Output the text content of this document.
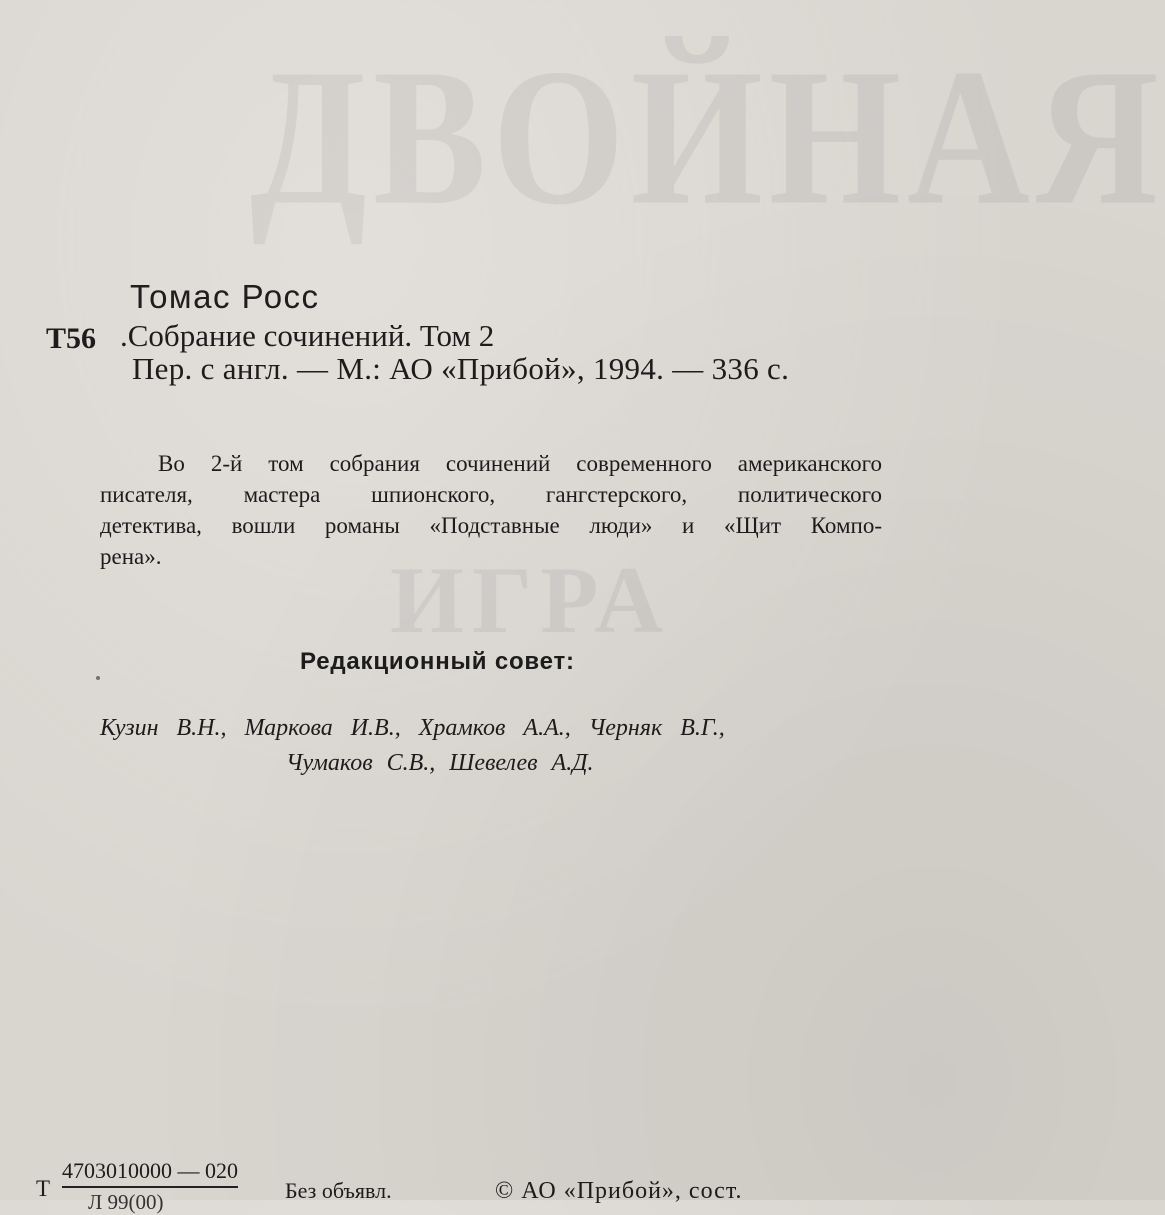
ДВОЙНАЯ
ИГРА
Томас Росс
Т56 .Собрание сочинений. Том 2
Пер. с англ. — М.: АО «Прибой», 1994. — 336 с.
Во 2-й том собрания сочинений современного американского
писателя, мастера шпионского, гангстерского, политического
детектива, вошли романы «Подставные люди» и «Щит Компо-
рена».
Редакционный совет:
Кузин В.Н., Маркова И.В., Храмков А.А., Черняк В.Г.,
Чумаков С.В., Шевелев А.Д.
Т
4703010000 — 020
Л 99(00)	Без объявл.	© АО «Прибой», сост.
